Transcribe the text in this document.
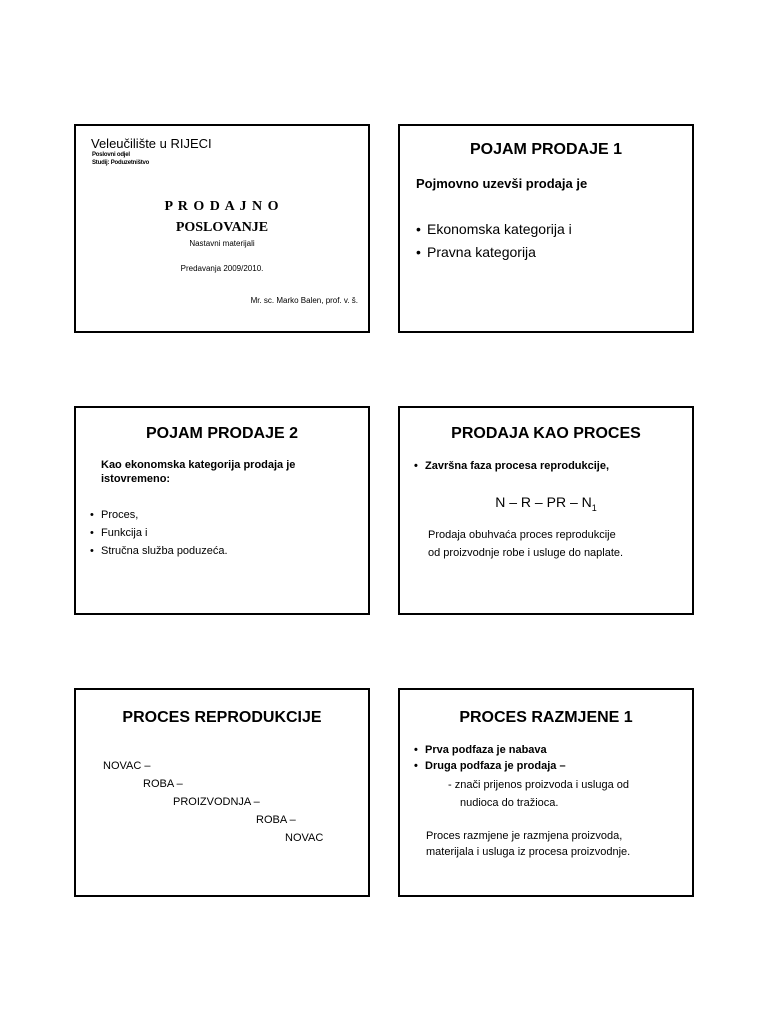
Veleučilište u RIJECI
Poslovni odjel
Studij: Poduzetništvo
P R O D A J N O
POSLOVANJE
Nastavni materijali
Predavanja 2009/2010.
Mr. sc. Marko Balen, prof. v. š.
POJAM PRODAJE 1
Pojmovno uzevši prodaja je
• Ekonomska kategorija i
• Pravna kategorija
POJAM PRODAJE 2
Kao ekonomska kategorija prodaja je istovremeno:
• Proces,
• Funkcija i
• Stručna služba poduzeća.
PRODAJA KAO PROCES
• Završna faza procesa reprodukcije,
N – R – PR – $N_1$
Prodaja obuhvaća proces reprodukcije
od proizvodnje robe i usluge do naplate.
PROCES REPRODUKCIJE
NOVAC –
ROBA –
PROIZVODNJA –
ROBA –
NOVAC
PROCES RAZMJENE 1
• Prva podfaza je nabava
• Druga podfaza je prodaja –
- znači prijenos proizvoda i usluga od
nudioca do tražioca.
Proces razmjene je razmjena proizvoda,
materijala i usluga iz procesa proizvodnje.
